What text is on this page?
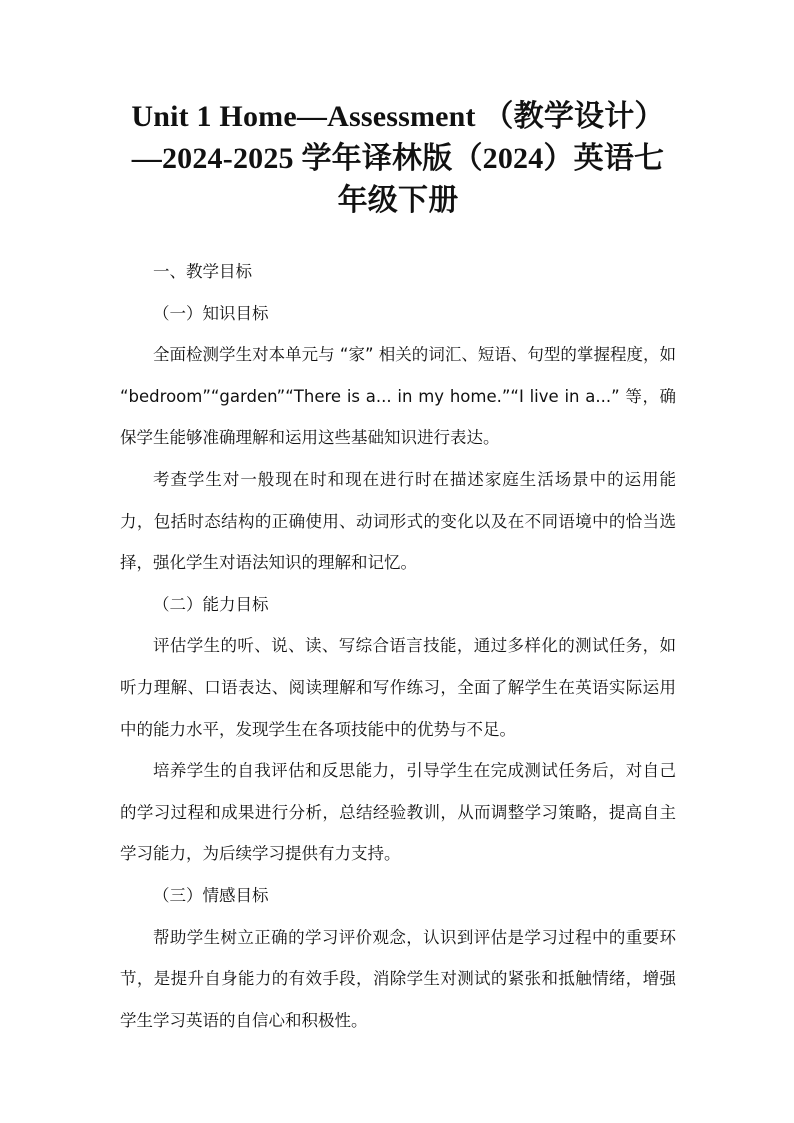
Unit 1 Home—Assessment （教学设计）
—2024-2025 学年译林版（2024）英语七
年级下册

一、教学目标

（一）知识目标

全面检测学生对本单元与 “家” 相关的词汇、短语、句型的掌握程度，如 “bedroom”“garden”“There is a... in my home.”“I live in a...” 等，确保学生能够准确理解和运用这些基础知识进行表达。

考查学生对一般现在时和现在进行时在描述家庭生活场景中的运用能力，包括时态结构的正确使用、动词形式的变化以及在不同语境中的恰当选择，强化学生对语法知识的理解和记忆。

（二）能力目标

评估学生的听、说、读、写综合语言技能，通过多样化的测试任务，如听力理解、口语表达、阅读理解和写作练习，全面了解学生在英语实际运用中的能力水平，发现学生在各项技能中的优势与不足。

培养学生的自我评估和反思能力，引导学生在完成测试任务后，对自己的学习过程和成果进行分析，总结经验教训，从而调整学习策略，提高自主学习能力，为后续学习提供有力支持。

（三）情感目标

帮助学生树立正确的学习评价观念，认识到评估是学习过程中的重要环节，是提升自身能力的有效手段，消除学生对测试的紧张和抵触情绪，增强学生学习英语的自信心和积极性。
